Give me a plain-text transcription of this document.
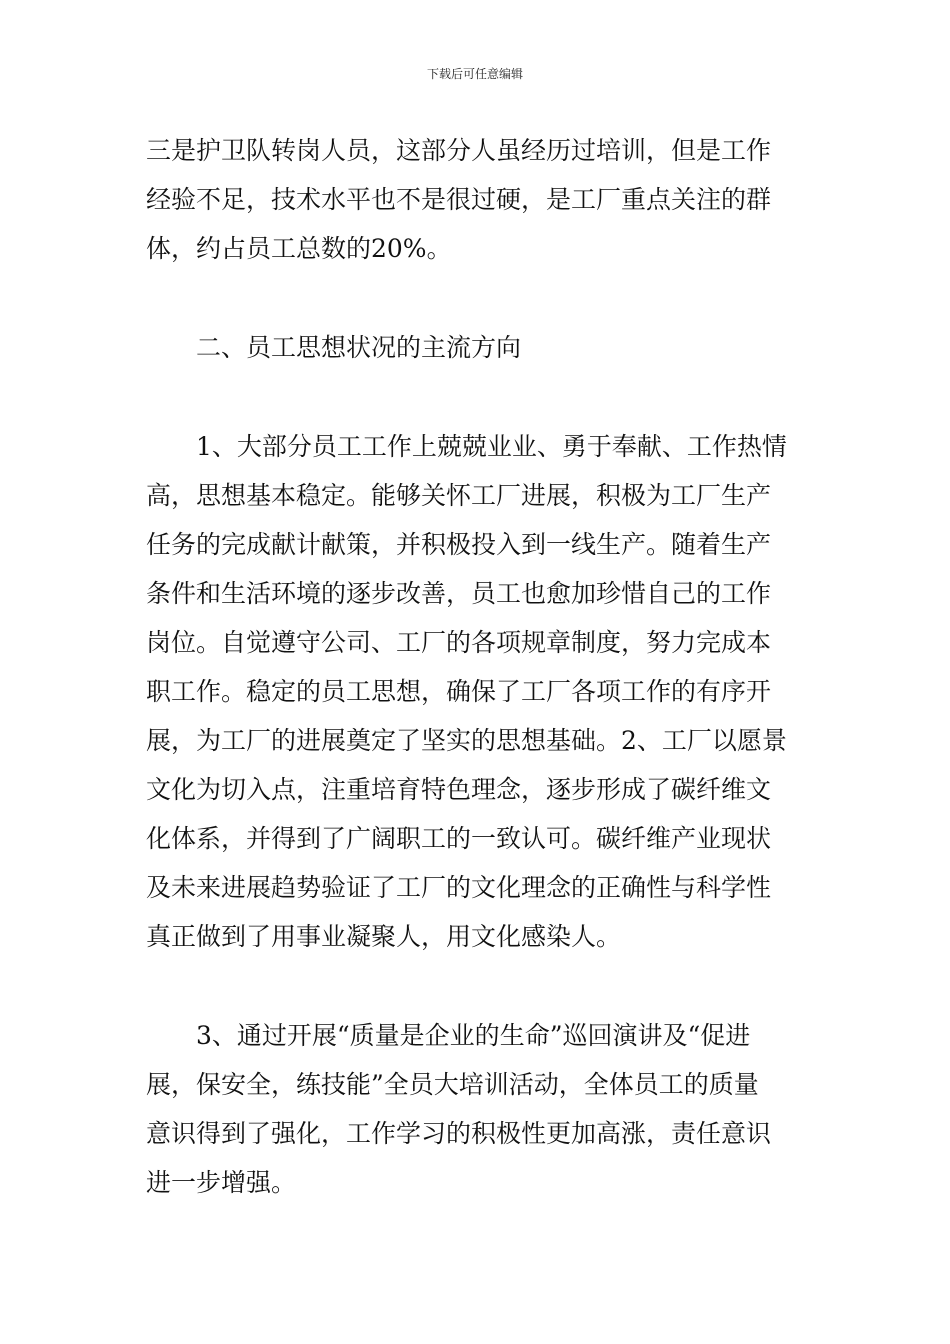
下载后可任意编辑
三是护卫队转岗人员，这部分人虽经历过培训，但是工作
经验不足，技术水平也不是很过硬，是工厂重点关注的群
体，约占员工总数的20%。
二、员工思想状况的主流方向
1、大部分员工工作上兢兢业业、勇于奉献、工作热情
高，思想基本稳定。能够关怀工厂进展，积极为工厂生产
任务的完成献计献策，并积极投入到一线生产。随着生产
条件和生活环境的逐步改善，员工也愈加珍惜自己的工作
岗位。自觉遵守公司、工厂的各项规章制度，努力完成本
职工作。稳定的员工思想，确保了工厂各项工作的有序开
展，为工厂的进展奠定了坚实的思想基础。2、工厂以愿景
文化为切入点，注重培育特色理念，逐步形成了碳纤维文
化体系，并得到了广阔职工的一致认可。碳纤维产业现状
及未来进展趋势验证了工厂的文化理念的正确性与科学性
真正做到了用事业凝聚人，用文化感染人。
3、通过开展“质量是企业的生命”巡回演讲及“促进
展，保安全，练技能”全员大培训活动，全体员工的质量
意识得到了强化，工作学习的积极性更加高涨，责任意识
进一步增强。
